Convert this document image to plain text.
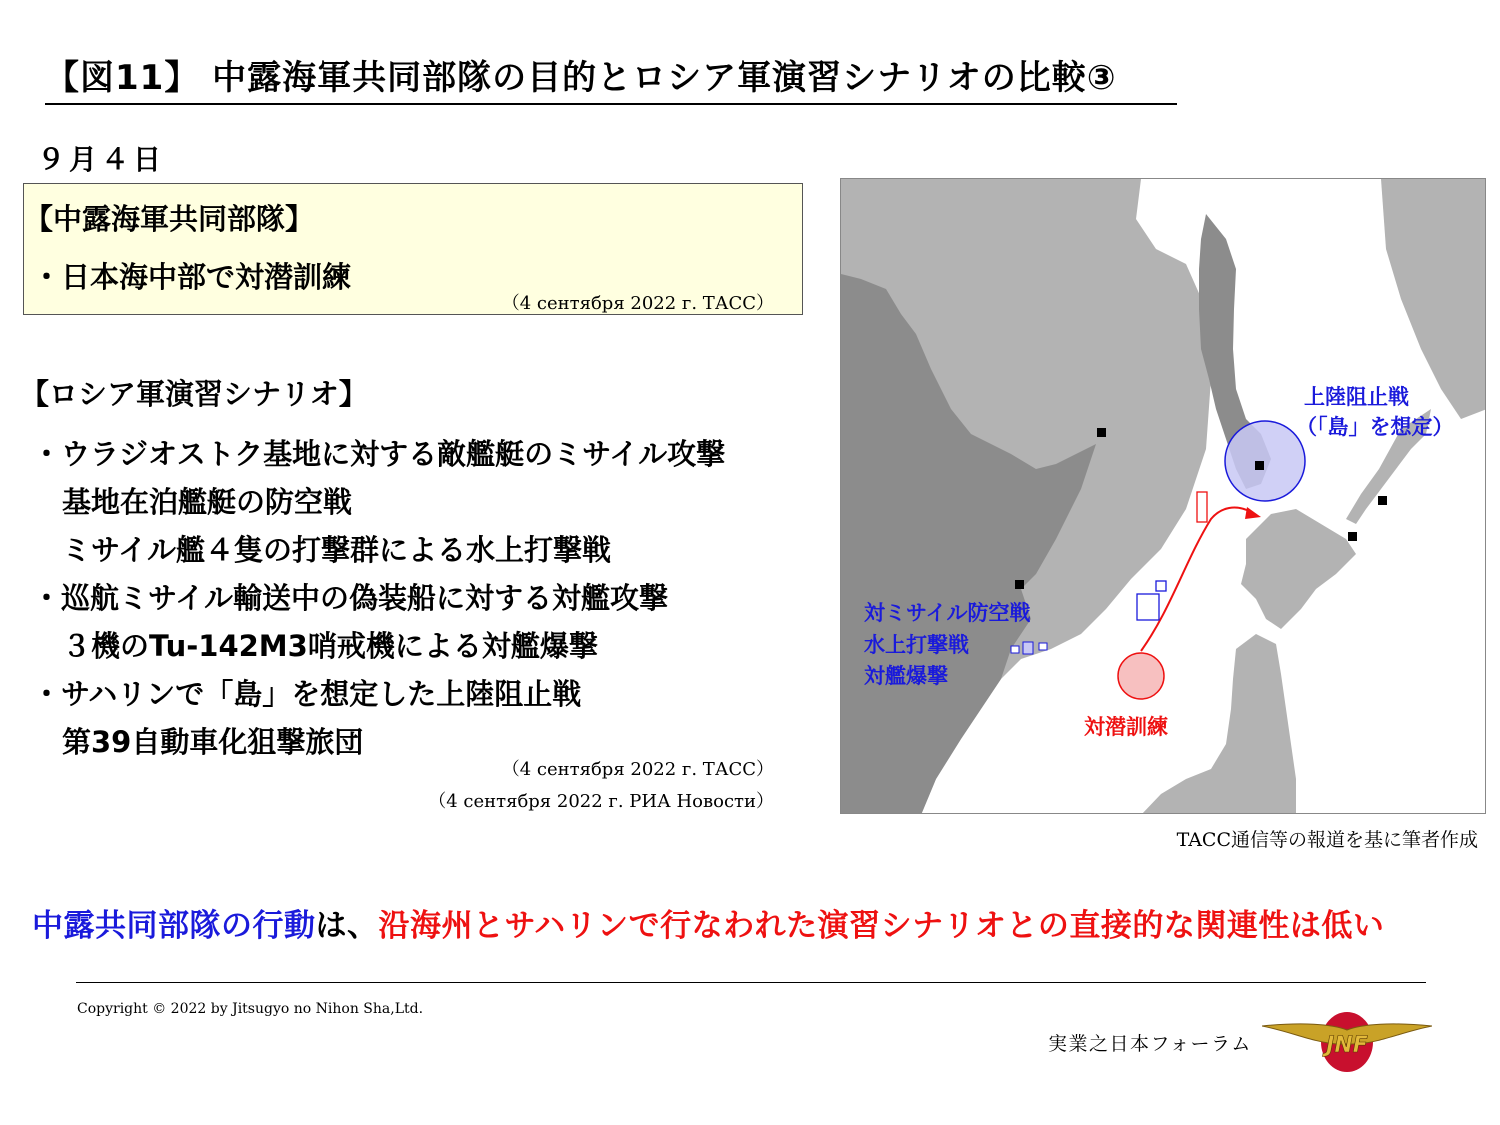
【図11】 中露海軍共同部隊の目的とロシア軍演習シナリオの比較③
９月４日
【中露海軍共同部隊】
・日本海中部で対潜訓練
（4 сентября 2022 г. ТАСС）
【ロシア軍演習シナリオ】
・ウラジオストク基地に対する敵艦艇のミサイル攻撃
基地在泊艦艇の防空戦
ミサイル艦４隻の打撃群による水上打撃戦
・巡航ミサイル輸送中の偽装船に対する対艦攻撃
３機のTu-142M3哨戒機による対艦爆撃
・サハリンで「島」を想定した上陸阻止戦
第39自動車化狙撃旅団
（4 сентября 2022 г. ТАСС）
（4 сентября 2022 г. РИА Новости）
上陸阻止戦
（「島」を想定）
対ミサイル防空戦
水上打撃戦
対艦爆撃
対潜訓練
TACC通信等の報道を基に筆者作成
中露共同部隊の行動は、沿海州とサハリンで行なわれた演習シナリオとの直接的な関連性は低い
Copyright © 2022 by Jitsugyo no Nihon Sha,Ltd.
実業之日本フォーラム	JNF
